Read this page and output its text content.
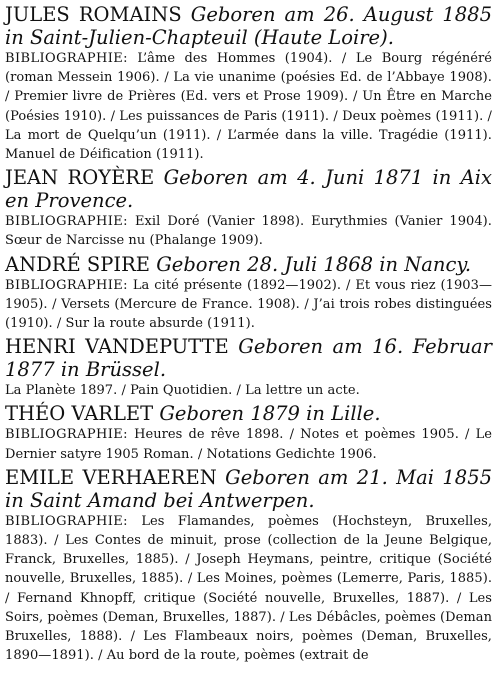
JULES ROMAINS Geboren am 26. August 1885 in Saint-Julien-Chapteuil (Haute Loire).

BIBLIOGRAPHIE: L’âme des Hommes (1904). / Le Bourg régénéré (roman Messein 1906). / La vie unanime (poésies Ed. de l’Abbaye 1908). / Premier livre de Prières (Ed. vers et Prose 1909). / Un Être en Marche (Poésies 1910). / Les puissances de Paris (1911). / Deux poèmes (1911). / La mort de Quelqu’un (1911). / L’armée dans la ville. Tragédie (1911). Manuel de Déification (1911).

JEAN ROYÈRE Geboren am 4. Juni 1871 in Aix en Provence.

BIBLIOGRAPHIE: Exil Doré (Vanier 1898). Eurythmies (Vanier 1904). Sœur de Narcisse nu (Phalange 1909).

ANDRÉ SPIRE Geboren 28. Juli 1868 in Nancy.

BIBLIOGRAPHIE: La cité présente (1892—1902). / Et vous riez (1903—1905). / Versets (Mercure de France. 1908). / J’ai trois robes distinguées (1910). / Sur la route absurde (1911).

HENRI VANDEPUTTE Geboren am 16. Februar 1877 in Brüssel.

La Planète 1897. / Pain Quotidien. / La lettre un acte.

THÉO VARLET Geboren 1879 in Lille.

BIBLIOGRAPHIE: Heures de rêve 1898. / Notes et poèmes 1905. / Le Dernier satyre 1905 Roman. / Notations Gedichte 1906.

EMILE VERHAEREN Geboren am 21. Mai 1855 in Saint Amand bei Antwerpen.

BIBLIOGRAPHIE: Les Flamandes, poèmes (Hochsteyn, Bruxelles, 1883). / Les Contes de minuit, prose (collection de la Jeune Belgique, Franck, Bruxelles, 1885). / Joseph Heymans, peintre, critique (Société nouvelle, Bruxelles, 1885). / Les Moines, poèmes (Lemerre, Paris, 1885). / Fernand Khnopff, critique (Société nouvelle, Bruxelles, 1887). / Les Soirs, poèmes (Deman, Bruxelles, 1887). / Les Débâcles, poèmes (Deman Bruxelles, 1888). / Les Flambeaux noirs, poèmes (Deman, Bruxelles, 1890—1891). / Au bord de la route, poèmes (extrait de
